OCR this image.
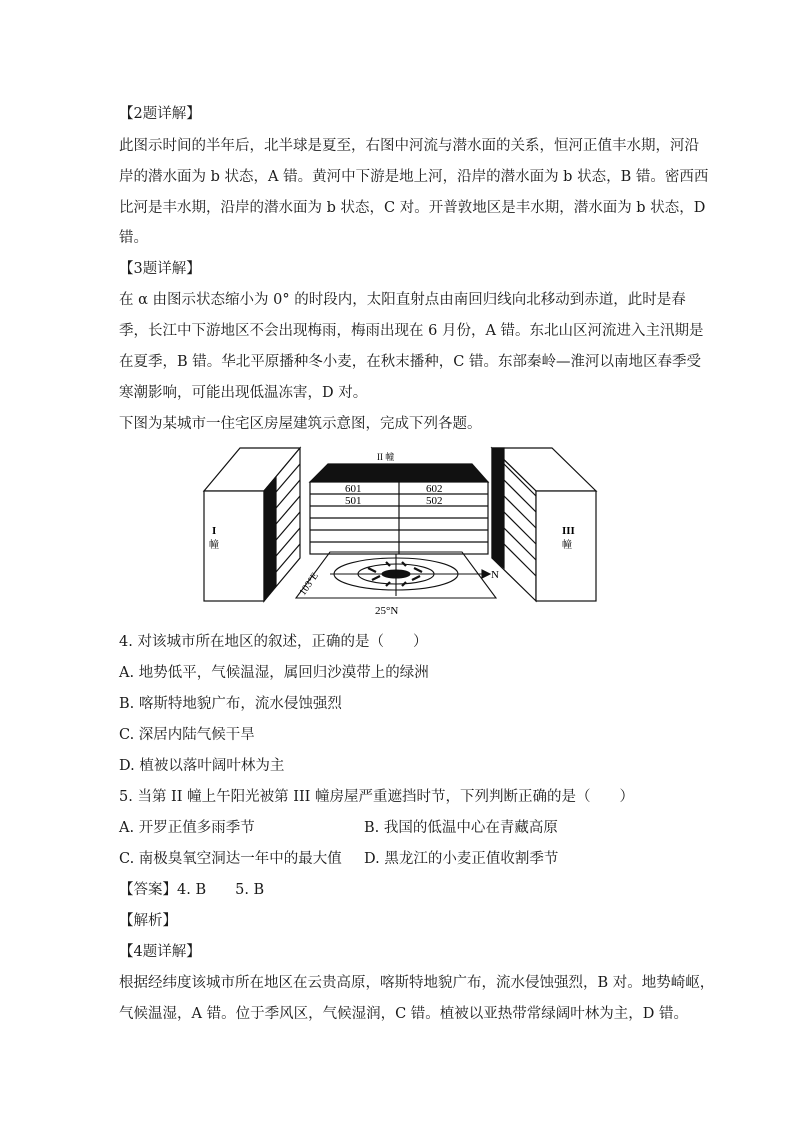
【2题详解】
此图示时间的半年后，北半球是夏至，右图中河流与潜水面的关系，恒河正值丰水期，河沿
岸的潜水面为 b 状态，A 错。黄河中下游是地上河，沿岸的潜水面为 b 状态，B 错。密西西
比河是丰水期，沿岸的潜水面为 b 状态，C 对。开普敦地区是丰水期，潜水面为 b 状态，D
错。
【3题详解】
在 α 由图示状态缩小为 0° 的时段内，太阳直射点由南回归线向北移动到赤道，此时是春
季，长江中下游地区不会出现梅雨，梅雨出现在 6 月份，A 错。东北山区河流进入主汛期是
在夏季，B 错。华北平原播种冬小麦，在秋末播种，C 错。东部秦岭—淮河以南地区春季受
寒潮影响，可能出现低温冻害，D 对。
下图为某城市一住宅区房屋建筑示意图，完成下列各题。
I
幢
II 幢
601	602
501	502
III
幢
N
103°E
25°N
4. 对该城市所在地区的叙述，正确的是（　　）
A. 地势低平，气候温湿，属回归沙漠带上的绿洲
B. 喀斯特地貌广布，流水侵蚀强烈
C. 深居内陆气候干旱
D. 植被以落叶阔叶林为主
5. 当第 II 幢上午阳光被第 III 幢房屋严重遮挡时节，下列判断正确的是（　　）
A. 开罗正值多雨季节	B. 我国的低温中心在青藏高原
C. 南极臭氧空洞达一年中的最大值 D. 黑龙江的小麦正值收割季节
【答案】4. B　　5. B
【解析】
【4题详解】
根据经纬度该城市所在地区在云贵高原，喀斯特地貌广布，流水侵蚀强烈，B 对。地势崎岖，
气候温湿，A 错。位于季风区，气候湿润，C 错。植被以亚热带常绿阔叶林为主，D 错。
